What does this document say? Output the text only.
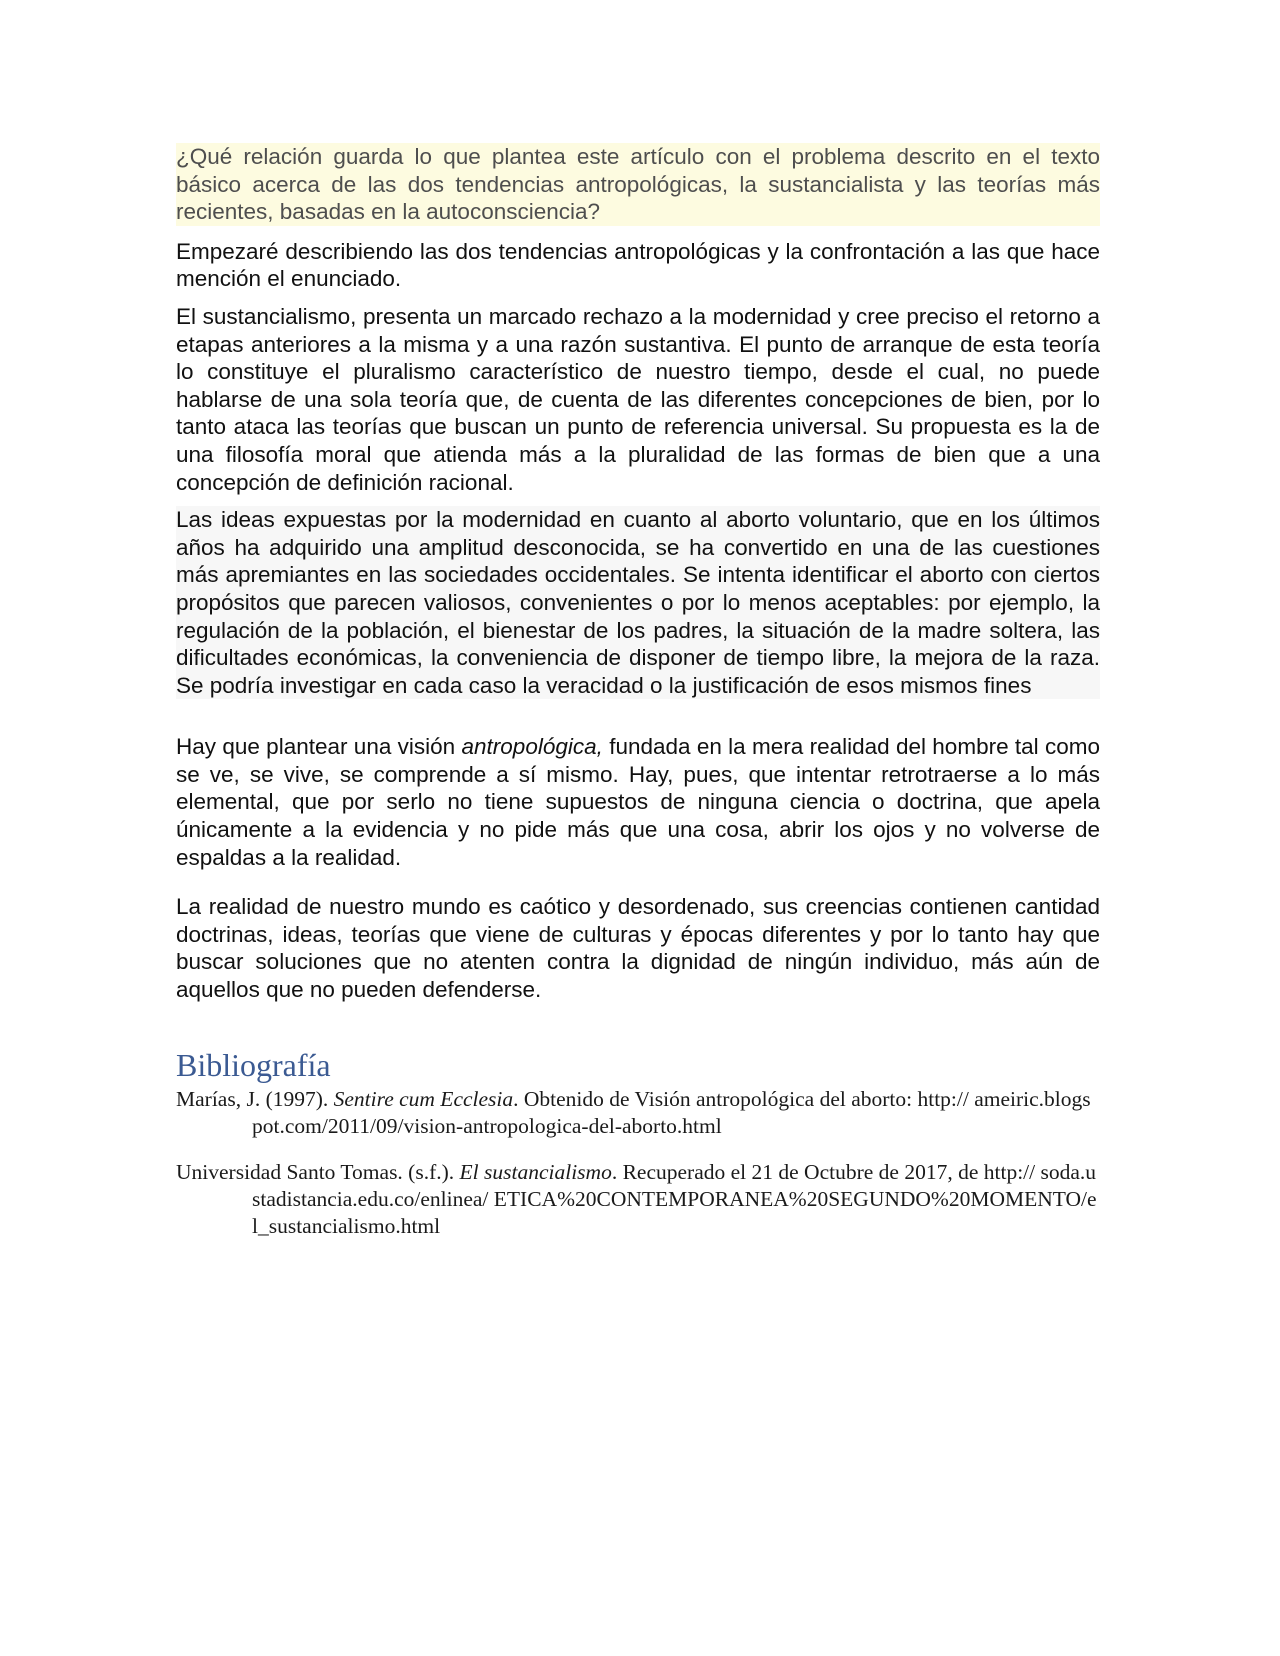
¿Qué relación guarda lo que plantea este artículo con el problema descrito en el texto básico acerca de las dos tendencias antropológicas, la sustancialista y las teorías más recientes, basadas en la autoconsciencia?

Empezaré describiendo las dos tendencias antropológicas y la confrontación a las que hace mención el enunciado.

El sustancialismo, presenta un marcado rechazo a la modernidad y cree preciso el retorno a etapas anteriores a la misma y a una razón sustantiva. El punto de arranque de esta teoría lo constituye el pluralismo característico de nuestro tiempo, desde el cual, no puede hablarse de una sola teoría que, de cuenta de las diferentes concepciones de bien, por lo tanto ataca las teorías que buscan un punto de referencia universal. Su propuesta es la de una filosofía moral que atienda más a la pluralidad de las formas de bien que a una concepción de definición racional.

Las ideas expuestas por la modernidad en cuanto al aborto voluntario, que en los últimos años ha adquirido una amplitud desconocida, se ha convertido en una de las cuestiones más apremiantes en las sociedades occidentales. Se intenta identificar el aborto con ciertos propósitos que parecen valiosos, convenientes o por lo menos aceptables: por ejemplo, la regulación de la población, el bienestar de los padres, la situación de la madre soltera, las dificultades económicas, la conveniencia de disponer de tiempo libre, la mejora de la raza. Se podría investigar en cada caso la veracidad o la justificación de esos mismos fines

Hay que plantear una visión antropológica, fundada en la mera realidad del hombre tal como se ve, se vive, se comprende a sí mismo. Hay, pues, que intentar retrotraerse a lo más elemental, que por serlo no tiene supuestos de ninguna ciencia o doctrina, que apela únicamente a la evidencia y no pide más que una cosa, abrir los ojos y no volverse de espaldas a la realidad.

La realidad de nuestro mundo es caótico y desordenado, sus creencias contienen cantidad doctrinas, ideas, teorías que viene de culturas y épocas diferentes y por lo tanto hay que buscar soluciones que no atenten contra la dignidad de ningún individuo, más aún de aquellos que no pueden defenderse.

Bibliografía

Marías, J. (1997). Sentire cum Ecclesia. Obtenido de Visión antropológica del aborto: http:// ameiric.blogspot.com/2011/09/vision-antropologica-del-aborto.html

Universidad Santo Tomas. (s.f.). El sustancialismo. Recuperado el 21 de Octubre de 2017, de http:// soda.ustadistancia.edu.co/enlinea/ ETICA%20CONTEMPORANEA%20SEGUNDO%20MOMENTO/el_sustancialismo.html
